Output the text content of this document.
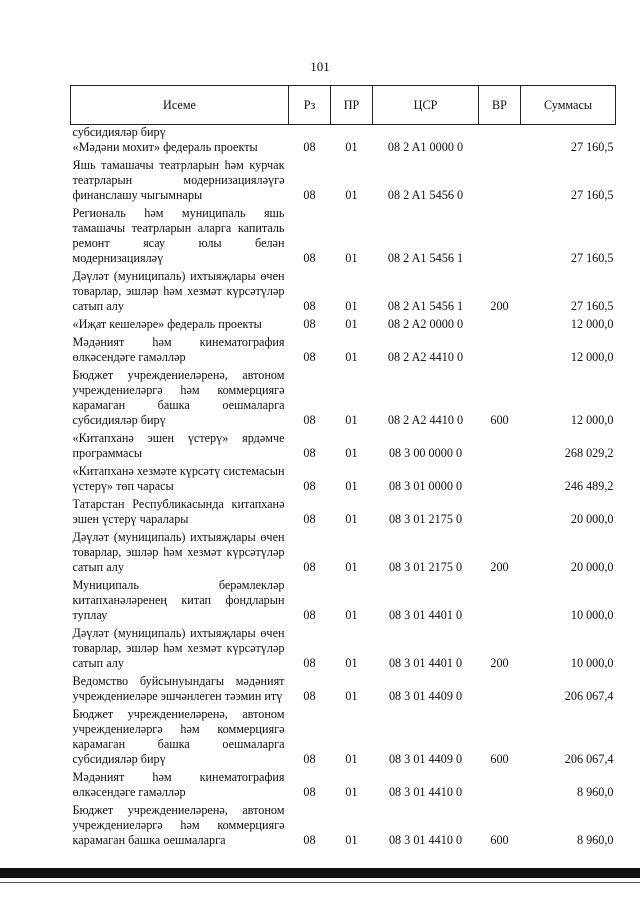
101
Исеме	Рз	ПР	ЦСР	ВР	Суммасы
субсидияләр бирү					
«Мәдәни мохит» федераль проекты	08	01	08 2 A1 0000 0		27 160,5
Яшь тамашачы театрларын һәм курчак театрларын модернизацияләүгә финанслашу чыгымнары	08	01	08 2 A1 5456 0		27 160,5
Региональ һәм муниципаль яшь тамашачы театрларын аларга капиталь ремонт ясау юлы белән модернизацияләү	08	01	08 2 A1 5456 1		27 160,5
Дәүләт (муниципаль) ихтыяҗлары өчен товарлар, эшләр һәм хезмәт күрсәтүләр сатып алу	08	01	08 2 A1 5456 1	200	27 160,5
«Иҗат кешеләре» федераль проекты	08	01	08 2 A2 0000 0		12 000,0
Мәдәният һәм кинематография өлкәсендәге гамәлләр	08	01	08 2 A2 4410 0		12 000,0
Бюджет учреждениеләренә, автоном учреждениеләргә һәм коммерциягә карамаган башка оешмаларга субсидияләр бирү	08	01	08 2 A2 4410 0	600	12 000,0
«Китапханә эшен үстерү» ярдәмче программасы	08	01	08 3 00 0000 0		268 029,2
«Китапханә хезмәте күрсәтү системасын үстерү» төп чарасы	08	01	08 3 01 0000 0		246 489,2
Татарстан Республикасында китапханә эшен үстерү чаралары	08	01	08 3 01 2175 0		20 000,0
Дәүләт (муниципаль) ихтыяҗлары өчен товарлар, эшләр һәм хезмәт күрсәтүләр сатып алу	08	01	08 3 01 2175 0	200	20 000,0
Муниципаль берәмлекләр китапханәләренең китап фондларын туплау	08	01	08 3 01 4401 0		10 000,0
Дәүләт (муниципаль) ихтыяҗлары өчен товарлар, эшләр һәм хезмәт күрсәтүләр сатып алу	08	01	08 3 01 4401 0	200	10 000,0
Ведомство буйсынуындагы мәдәният учреждениеләре эшчәнлеген тәэмин итү	08	01	08 3 01 4409 0		206 067,4
Бюджет учреждениеләренә, автоном учреждениеләргә һәм коммерциягә карамаган башка оешмаларга субсидияләр бирү	08	01	08 3 01 4409 0	600	206 067,4
Мәдәният һәм кинематография өлкәсендәге гамәлләр	08	01	08 3 01 4410 0		8 960,0
Бюджет учреждениеләренә, автоном учреждениеләргә һәм коммерциягә карамаган башка оешмаларга	08	01	08 3 01 4410 0	600	8 960,0
